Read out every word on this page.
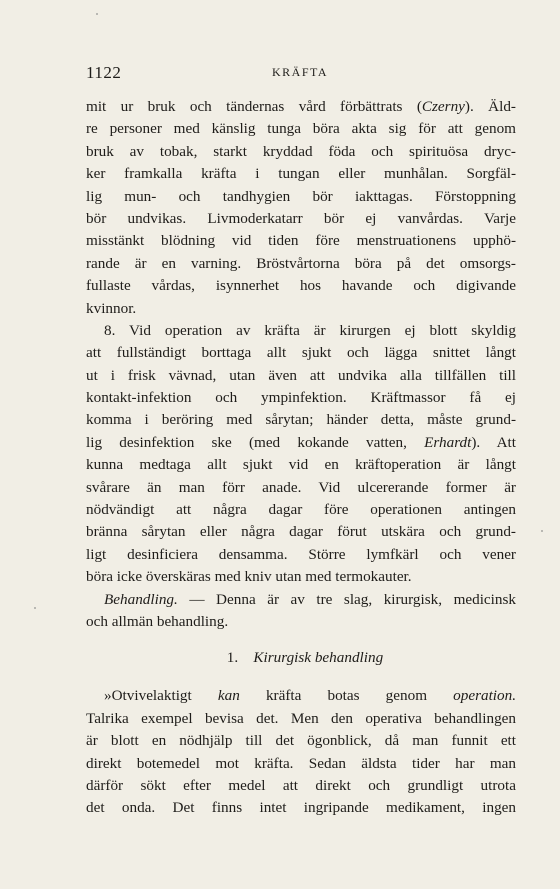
1122	KRÄFTA
mit ur bruk och tändernas vård förbättrats (Czerny). Äld-
re personer med känslig tunga böra akta sig för att genom
bruk av tobak, starkt kryddad föda och spirituösa dryc-
ker framkalla kräfta i tungan eller munhålan. Sorgfäl-
lig mun- och tandhygien bör iakttagas. Förstoppning
bör undvikas. Livmoderkatarr bör ej vanvårdas. Varje
misstänkt blödning vid tiden före menstruationens upphö-
rande är en varning. Bröstvårtorna böra på det omsorgs-
fullaste vårdas, isynnerhet hos havande och digivande
kvinnor.
8. Vid operation av kräfta är kirurgen ej blott skyldig
att fullständigt borttaga allt sjukt och lägga snittet långt
ut i frisk vävnad, utan även att undvika alla tillfällen till
kontakt-infektion och ympinfektion. Kräftmassor få ej
komma i beröring med sårytan; händer detta, måste grund-
lig desinfektion ske (med kokande vatten, Erhardt). Att
kunna medtaga allt sjukt vid en kräftoperation är långt
svårare än man förr anade. Vid ulcererande former är
nödvändigt att några dagar före operationen antingen
bränna sårytan eller några dagar förut utskära och grund-
ligt desinficiera densamma. Större lymfkärl och vener
böra icke överskäras med kniv utan med termokauter.
Behandling. — Denna är av tre slag, kirurgisk, medicinsk
och allmän behandling.
1. Kirurgisk behandling
»Otvivelaktigt kan kräfta botas genom operation.
Talrika exempel bevisa det. Men den operativa behandlingen
är blott en nödhjälp till det ögonblick, då man funnit ett
direkt botemedel mot kräfta. Sedan äldsta tider har man
därför sökt efter medel att direkt och grundligt utrota
det onda. Det finns intet ingripande medikament, ingen
